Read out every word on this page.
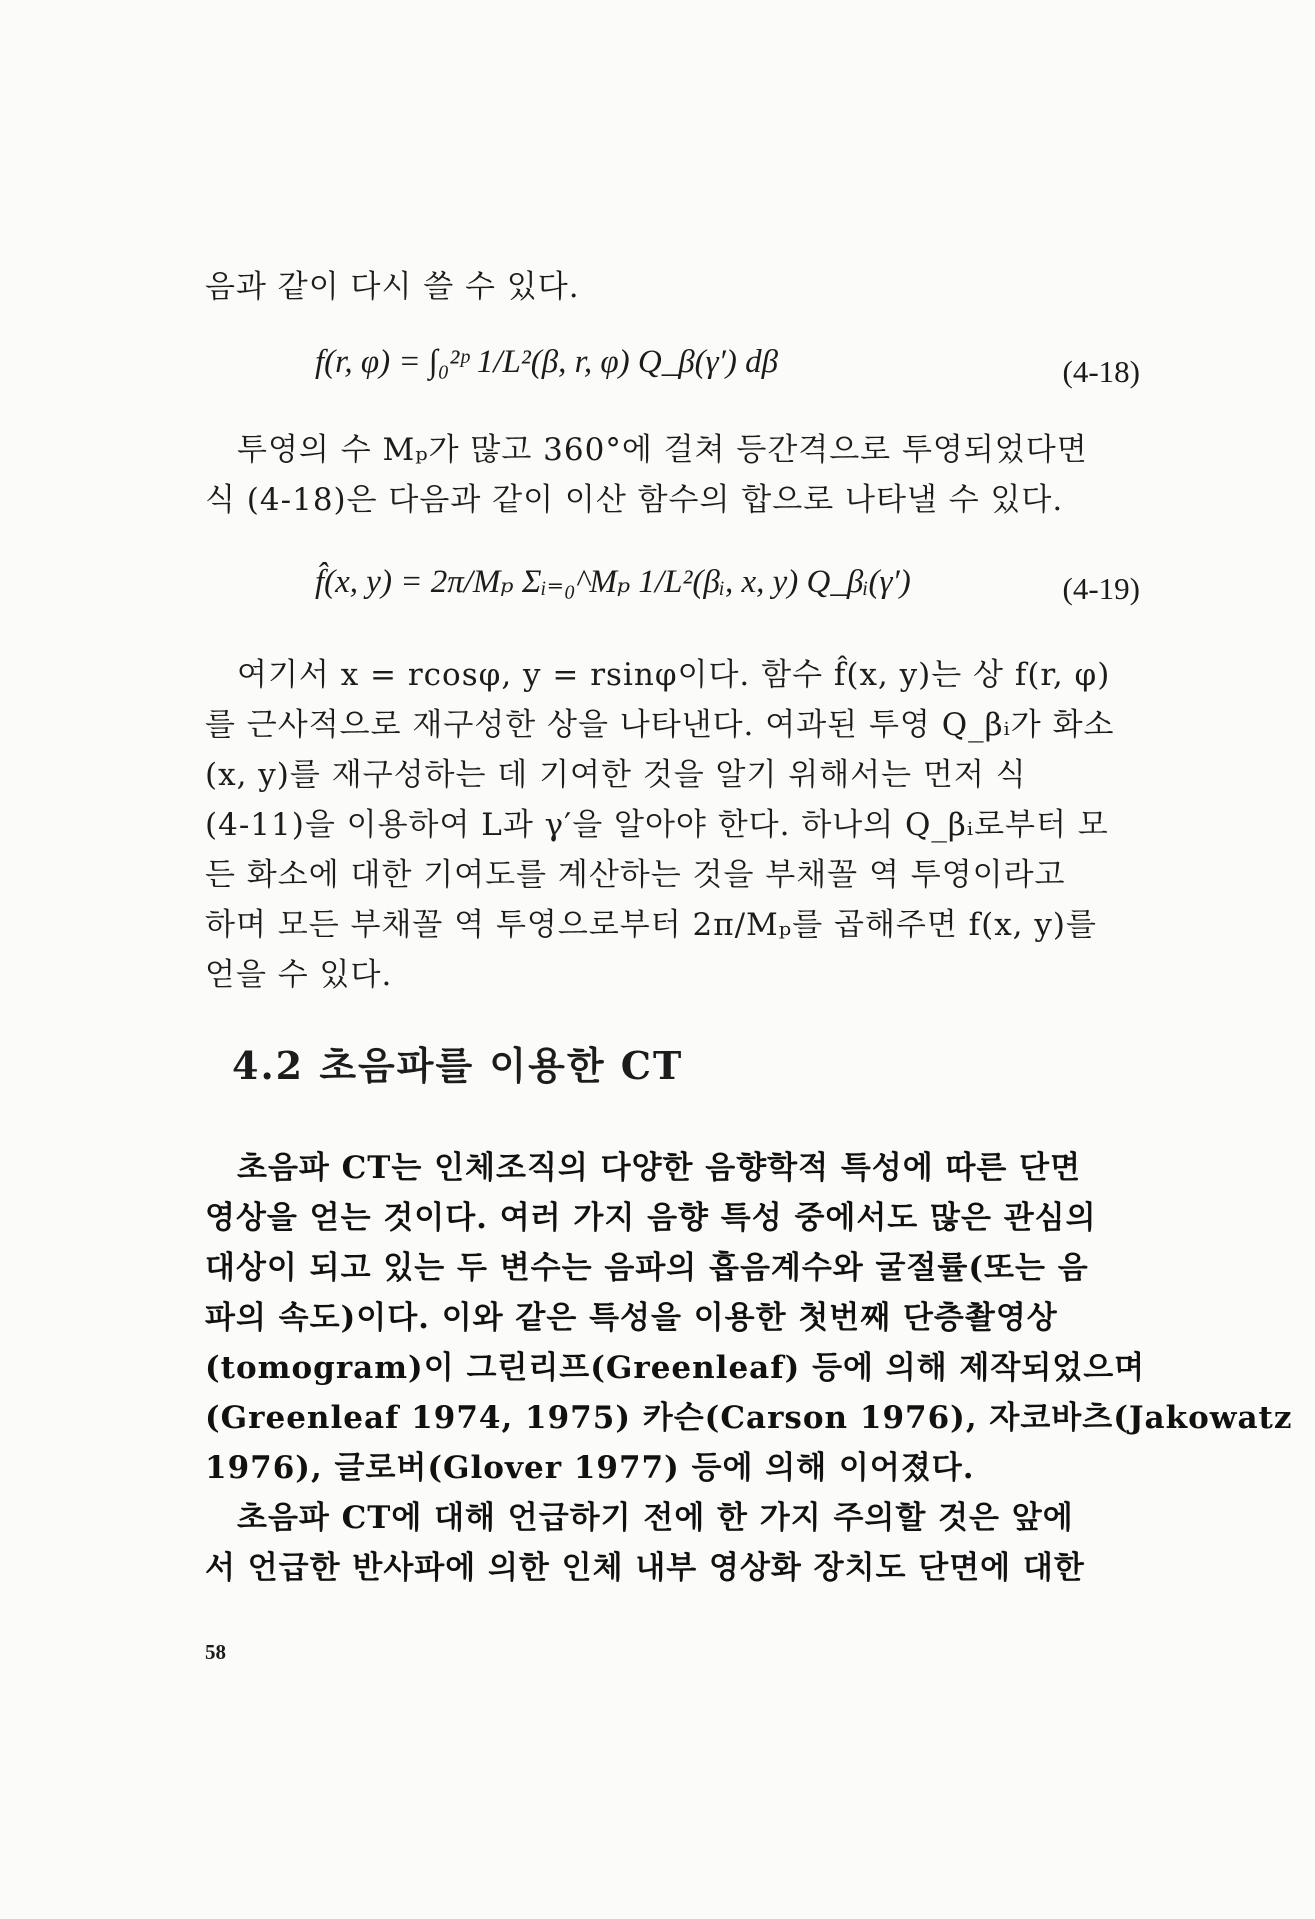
음과 같이 다시 쓸 수 있다.

f(r, φ) = ∫₀²ᵖ 1/L²(β, r, φ) Q_β(γ′) dβ	(4-18)

투영의 수 Mₚ가 많고 360°에 걸쳐 등간격으로 투영되었다면
식 (4-18)은 다음과 같이 이산 함수의 합으로 나타낼 수 있다.

f̂(x, y) = 2π/Mₚ Σᵢ₌₀^Mₚ 1/L²(βᵢ, x, y) Q_βᵢ(γ′)	(4-19)

여기서 x = rcosφ, y = rsinφ이다. 함수 f̂(x, y)는 상 f(r, φ)
를 근사적으로 재구성한 상을 나타낸다. 여과된 투영 Q_βᵢ가 화소
(x, y)를 재구성하는 데 기여한 것을 알기 위해서는 먼저 식
(4-11)을 이용하여 L과 γ′을 알아야 한다. 하나의 Q_βᵢ로부터 모
든 화소에 대한 기여도를 계산하는 것을 부채꼴 역 투영이라고
하며 모든 부채꼴 역 투영으로부터 2π/Mₚ를 곱해주면 f(x, y)를
얻을 수 있다.

4.2 초음파를 이용한 CT

초음파 CT는 인체조직의 다양한 음향학적 특성에 따른 단면
영상을 얻는 것이다. 여러 가지 음향 특성 중에서도 많은 관심의
대상이 되고 있는 두 변수는 음파의 흡음계수와 굴절률(또는 음
파의 속도)이다. 이와 같은 특성을 이용한 첫번째 단층촬영상
(tomogram)이 그린리프(Greenleaf) 등에 의해 제작되었으며
(Greenleaf 1974, 1975) 카슨(Carson 1976), 자코바츠(Jakowatz
1976), 글로버(Glover 1977) 등에 의해 이어졌다.

초음파 CT에 대해 언급하기 전에 한 가지 주의할 것은 앞에
서 언급한 반사파에 의한 인체 내부 영상화 장치도 단면에 대한

58
